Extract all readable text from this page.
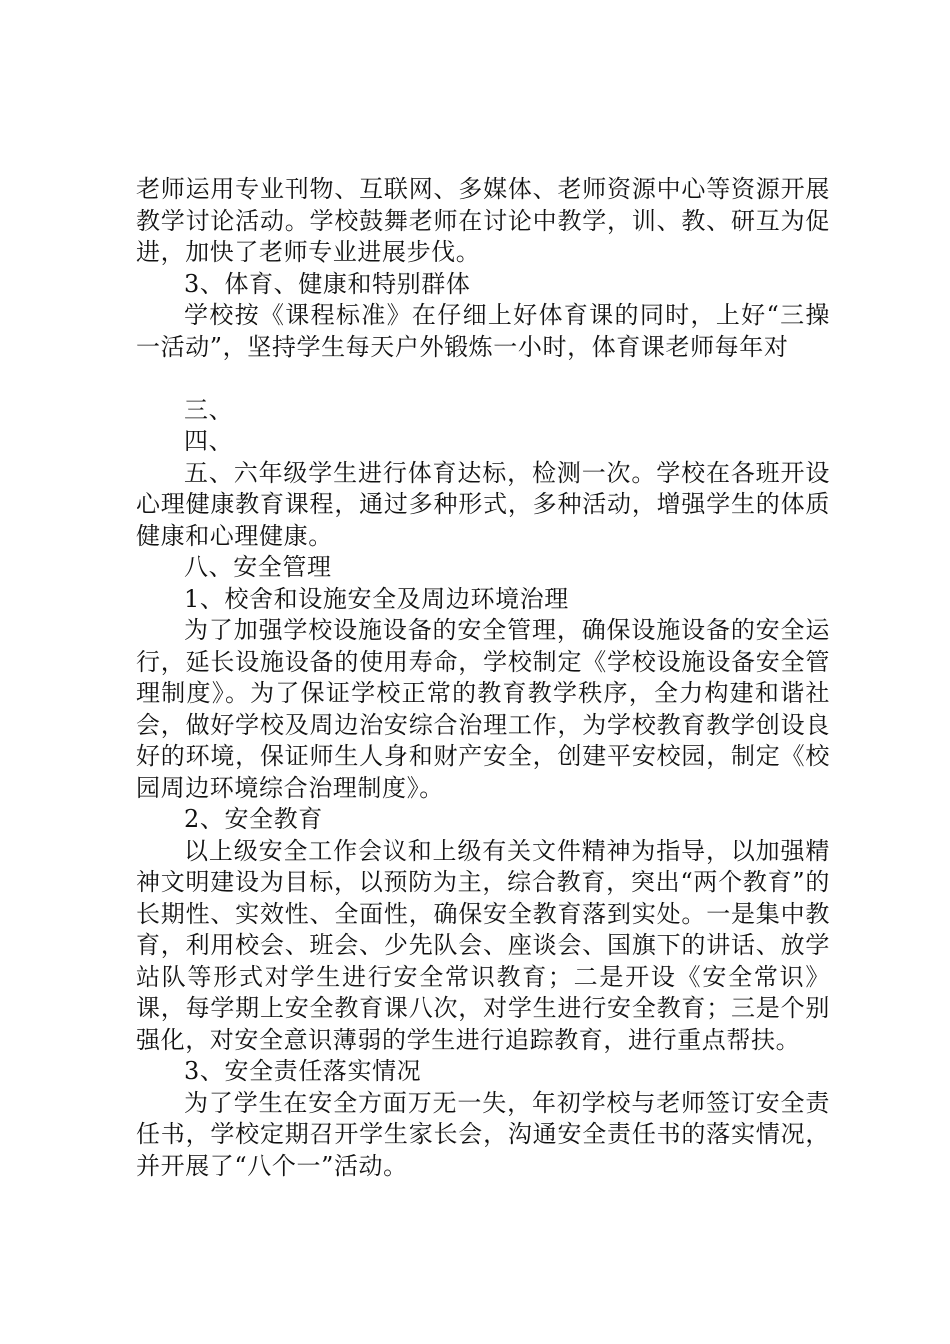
老师运用专业刊物、互联网、多媒体、老师资源中心等资源开展教学讨论活动。学校鼓舞老师在讨论中教学，训、教、研互为促进，加快了老师专业进展步伐。

3、体育、健康和特别群体

学校按《课程标准》在仔细上好体育课的同时，上好“三操一活动”，坚持学生每天户外锻炼一小时，体育课老师每年对

三、

四、

五、六年级学生进行体育达标，检测一次。学校在各班开设心理健康教育课程，通过多种形式，多种活动，增强学生的体质健康和心理健康。

八、安全管理

1、校舍和设施安全及周边环境治理

为了加强学校设施设备的安全管理，确保设施设备的安全运行，延长设施设备的使用寿命，学校制定《学校设施设备安全管理制度》。为了保证学校正常的教育教学秩序，全力构建和谐社会，做好学校及周边治安综合治理工作，为学校教育教学创设良好的环境，保证师生人身和财产安全，创建平安校园，制定《校园周边环境综合治理制度》。

2、安全教育

以上级安全工作会议和上级有关文件精神为指导，以加强精神文明建设为目标，以预防为主，综合教育，突出“两个教育”的长期性、实效性、全面性，确保安全教育落到实处。一是集中教育，利用校会、班会、少先队会、座谈会、国旗下的讲话、放学站队等形式对学生进行安全常识教育；二是开设《安全常识》课，每学期上安全教育课八次，对学生进行安全教育；三是个别强化，对安全意识薄弱的学生进行追踪教育，进行重点帮扶。

3、安全责任落实情况

为了学生在安全方面万无一失，年初学校与老师签订安全责任书，学校定期召开学生家长会，沟通安全责任书的落实情况，并开展了“八个一”活动。
